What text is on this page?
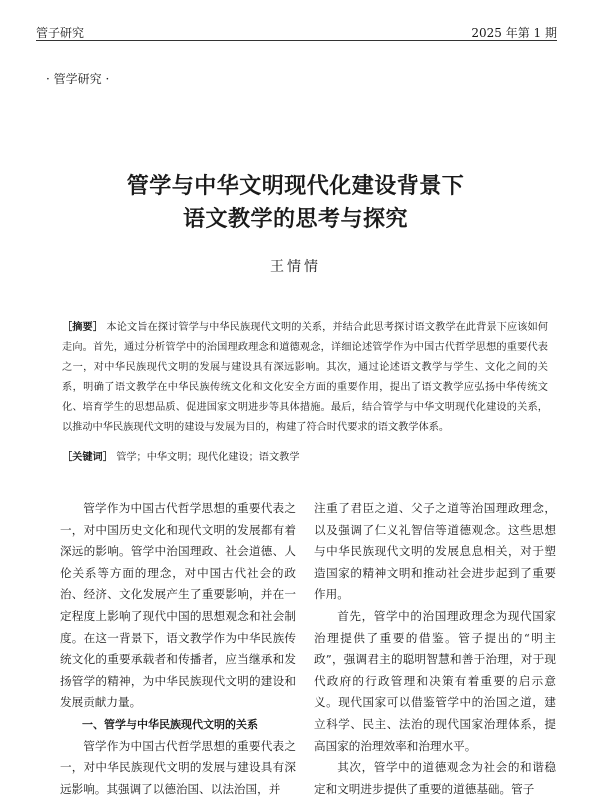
管子研究	2025 年第 1 期
· 管学研究 ·
管学与中华文明现代化建设背景下
语文教学的思考与探究
王情情
［摘要］ 本论文旨在探讨管学与中华民族现代文明的关系，并结合此思考探讨语文教学在此背景下应该如何走向。首先，通过分析管学中的治国理政理念和道德观念，详细论述管学作为中国古代哲学思想的重要代表之一，对中华民族现代文明的发展与建设具有深远影响。其次，通过论述语文教学与学生、文化之间的关系，明确了语文教学在中华民族传统文化和文化安全方面的重要作用，提出了语文教学应弘扬中华传统文化、培育学生的思想品质、促进国家文明进步等具体措施。最后，结合管学与中华文明现代化建设的关系，以推动中华民族现代文明的建设与发展为目的，构建了符合时代要求的语文教学体系。
［关键词］ 管学；中华文明；现代化建设；语文教学

管学作为中国古代哲学思想的重要代表之一，对中国历史文化和现代文明的发展都有着深远的影响。管学中治国理政、社会道德、人伦关系等方面的理念，对中国古代社会的政治、经济、文化发展产生了重要影响，并在一定程度上影响了现代中国的思想观念和社会制度。在这一背景下，语文教学作为中华民族传统文化的重要承载者和传播者，应当继承和发扬管学的精神，为中华民族现代文明的建设和发展贡献力量。

一、管学与中华民族现代文明的关系

管学作为中国古代哲学思想的重要代表之一，对中华民族现代文明的发展与建设具有深远影响。其强调了以德治国、以法治国，并

注重了君臣之道、父子之道等治国理政理念，以及强调了仁义礼智信等道德观念。这些思想与中华民族现代文明的发展息息相关，对于塑造国家的精神文明和推动社会进步起到了重要作用。

首先，管学中的治国理政理念为现代国家治理提供了重要的借鉴。管子提出的“明主政”，强调君主的聪明智慧和善于治理，对于现代政府的行政管理和决策有着重要的启示意义。现代国家可以借鉴管学中的治国之道，建立科学、民主、法治的现代国家治理体系，提高国家的治理效率和治理水平。

其次，管学中的道德观念为社会的和谐稳定和文明进步提供了重要的道德基础。管子
